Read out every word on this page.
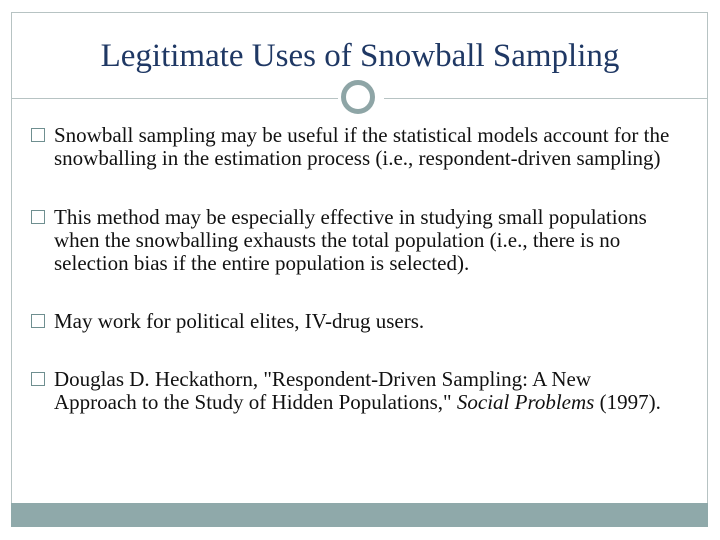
Legitimate Uses of Snowball Sampling
Snowball sampling may be useful if the statistical models account for the snowballing in the estimation process (i.e., respondent-driven sampling)
This method may be especially effective in studying small populations when the snowballing exhausts the total population (i.e., there is no selection bias if the entire population is selected).
May work for political elites, IV-drug users.
Douglas D. Heckathorn, "Respondent-Driven Sampling: A New Approach to the Study of Hidden Populations," Social Problems (1997).
